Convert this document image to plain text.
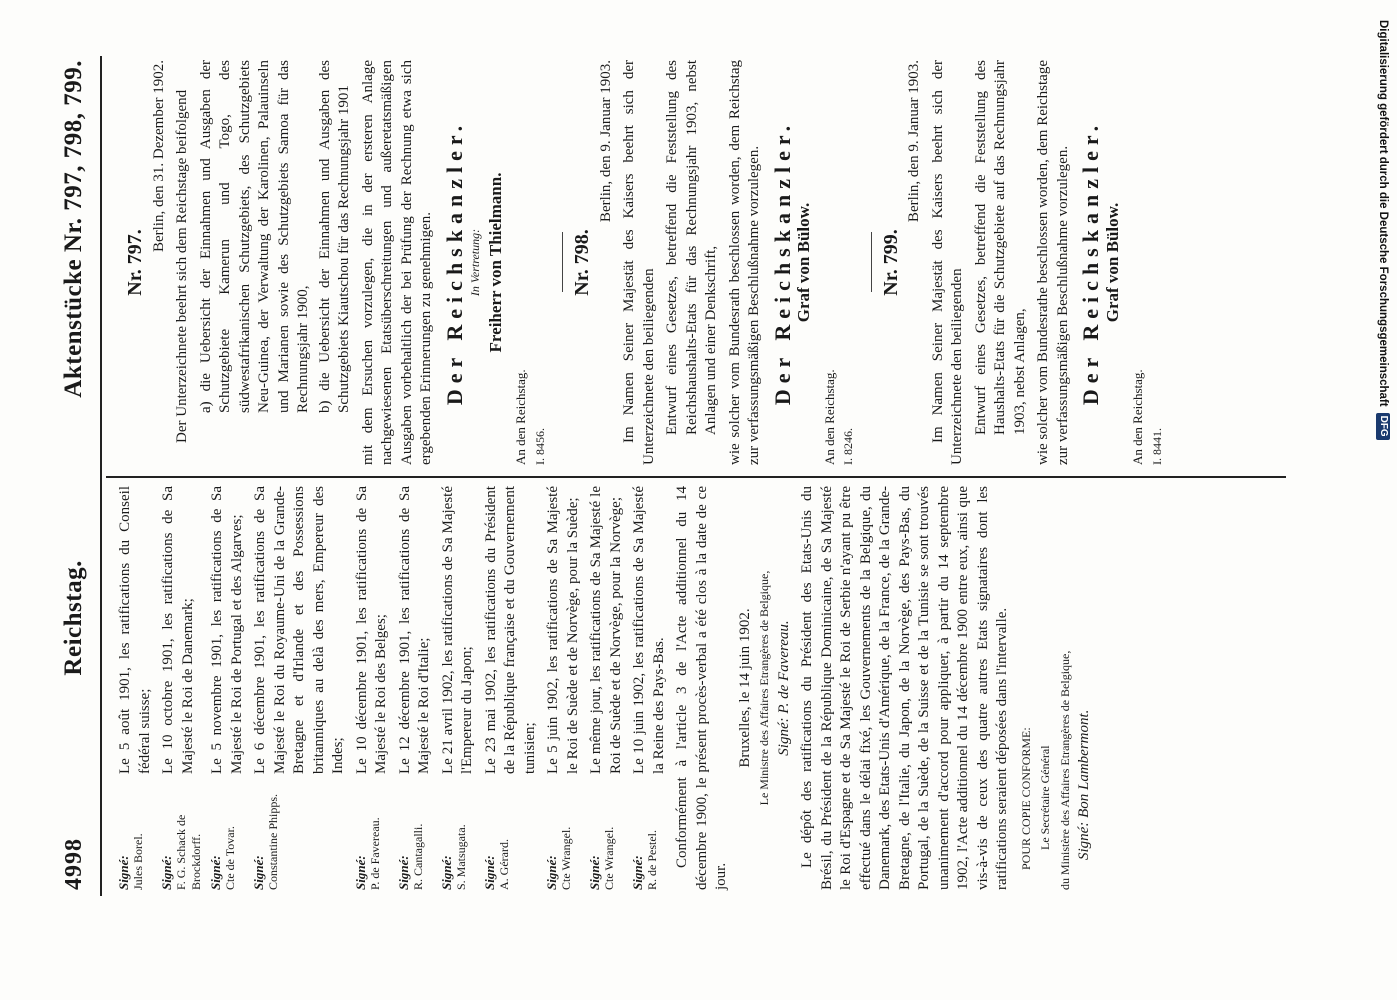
4998
Reichstag.
Aktenstücke Nr. 797, 798, 799.
Signé: Jules Borel.
Le 5 août 1901, les ratifications du Conseil fédéral suisse;
Signé: F. G. Schack de Brockdorff.
Le 10 octobre 1901, les ratifications de Sa Majesté le Roi de Danemark;
Signé: Cte de Tovar.
Le 5 novembre 1901, les ratifications de Sa Majesté le Roi de Portugal et des Algarves;
Signé: Constantine Phipps.
Le 6 décembre 1901, les ratifications de Sa Majesté le Roi du Royaume-Uni de la Grande-Bretagne et d'Irlande et des Possessions britanniques au delà des mers, Empereur des Indes;
Signé: P. de Favereau.
Le 10 décembre 1901, les ratifications de Sa Majesté le Roi des Belges;
Signé: R. Cantagalli.
Le 12 décembre 1901, les ratifications de Sa Majesté le Roi d'Italie;
Signé: S. Matsugata.
Le 21 avril 1902, les ratifications de Sa Majesté l'Empereur du Japon;
Signé: A. Gérard.
Le 23 mai 1902, les ratifications du Président de la République française et du Gouvernement tunisien;
Signé: Cte Wrangel.
Le 5 juin 1902, les ratifications de Sa Majesté le Roi de Suède et de Norvège, pour la Suède;
Signé: Cte Wrangel.
Le même jour, les ratifications de Sa Majesté le Roi de Suède et de Norvège, pour la Norvège;
Signé: R. de Pestel.
Le 10 juin 1902, les ratifications de Sa Majesté la Reine des Pays-Bas. Conformément à l'article 3 de l'Acte additionnel du 14 décembre 1900, le présent procès-verbal a été clos à la date de ce jour.

Bruxelles, le 14 juin 1902. Le Ministre des Affaires Etrangères de Belgique, Signé: P. de Favereau. Le dépôt des ratifications du Président des Etats-Unis du Brésil, du Président de la République Dominicaine, de Sa Majesté le Roi d'Espagne et de Sa Majesté le Roi de Serbie n'ayant pu être effectué dans le délai fixé, les Gouvernements de la Belgique, du Danemark, des Etats-Unis d'Amérique, de la France, de la Grande-Bretagne, de l'Italie, du Japon, de la Norvège, des Pays-Bas, du Portugal, de la Suède, de la Suisse et de la Tunisie se sont trouvés unanimement d'accord pour appliquer, à partir du 14 septembre 1902, l'Acte additionnel du 14 décembre 1900 entre eux, ainsi que vis-à-vis de ceux des quatre autres Etats signataires dont les ratifications seraient déposées dans l'intervalle. POUR COPIE CONFORME: Le Secrétaire Général du Ministère des Affaires Etrangères de Belgique, Signé: Bon Lambermont.
Nr. 797.
Berlin, den 31. Dezember 1902. Der Unterzeichnete beehrt sich dem Reichstage beifolgend a) die Uebersicht der Einnahmen und Ausgaben der Schutzgebiete Kamerun und Togo, des südwestafrikanischen Schutzgebiets, des Schutzgebiets Neu-Guinea, der Verwaltung der Karolinen, Palauinseln und Marianen sowie des Schutzgebiets Samoa für das Rechnungsjahr 1900, b) die Uebersicht der Einnahmen und Ausgaben des Schutzgebiets Kiautschou für das Rechnungsjahr 1901 mit dem Ersuchen vorzulegen, die in der ersteren Anlage nachgewiesenen Etatsüberschreitungen und außeretatsmäßigen Ausgaben vorbehaltlich der bei Prüfung der Rechnung etwa sich ergebenden Erinnerungen zu genehmigen. Der Reichskanzler. In Vertretung: Freiherr von Thielmann.
An den Reichstag. I. 8456.
Nr. 798.
Berlin, den 9. Januar 1903. Im Namen Seiner Majestät des Kaisers beehrt sich der Unterzeichnete den beiliegenden Entwurf eines Gesetzes, betreffend die Feststellung des Reichshaushalts-Etats für das Rechnungsjahr 1903, nebst Anlagen und einer Denkschrift, wie solcher vom Bundesrath beschlossen worden, dem Reichstag zur verfassungsmäßigen Beschlußnahme vorzulegen. Der Reichskanzler. Graf von Bülow.
An den Reichstag. I. 8246.
Nr. 799.
Berlin, den 9. Januar 1903. Im Namen Seiner Majestät des Kaisers beehrt sich der Unterzeichnete den beiliegenden Entwurf eines Gesetzes, betreffend die Feststellung des Haushalts-Etats für die Schutzgebiete auf das Rechnungsjahr 1903, nebst Anlagen, wie solcher vom Bundesrathe beschlossen worden, dem Reichstage zur verfassungsmäßigen Beschlußnahme vorzulegen. Der Reichskanzler. Graf von Bülow.
An den Reichstag. I. 8441.
Digitalisierung gefördert durch die Deutsche Forschungsgemeinschaft
DFG
